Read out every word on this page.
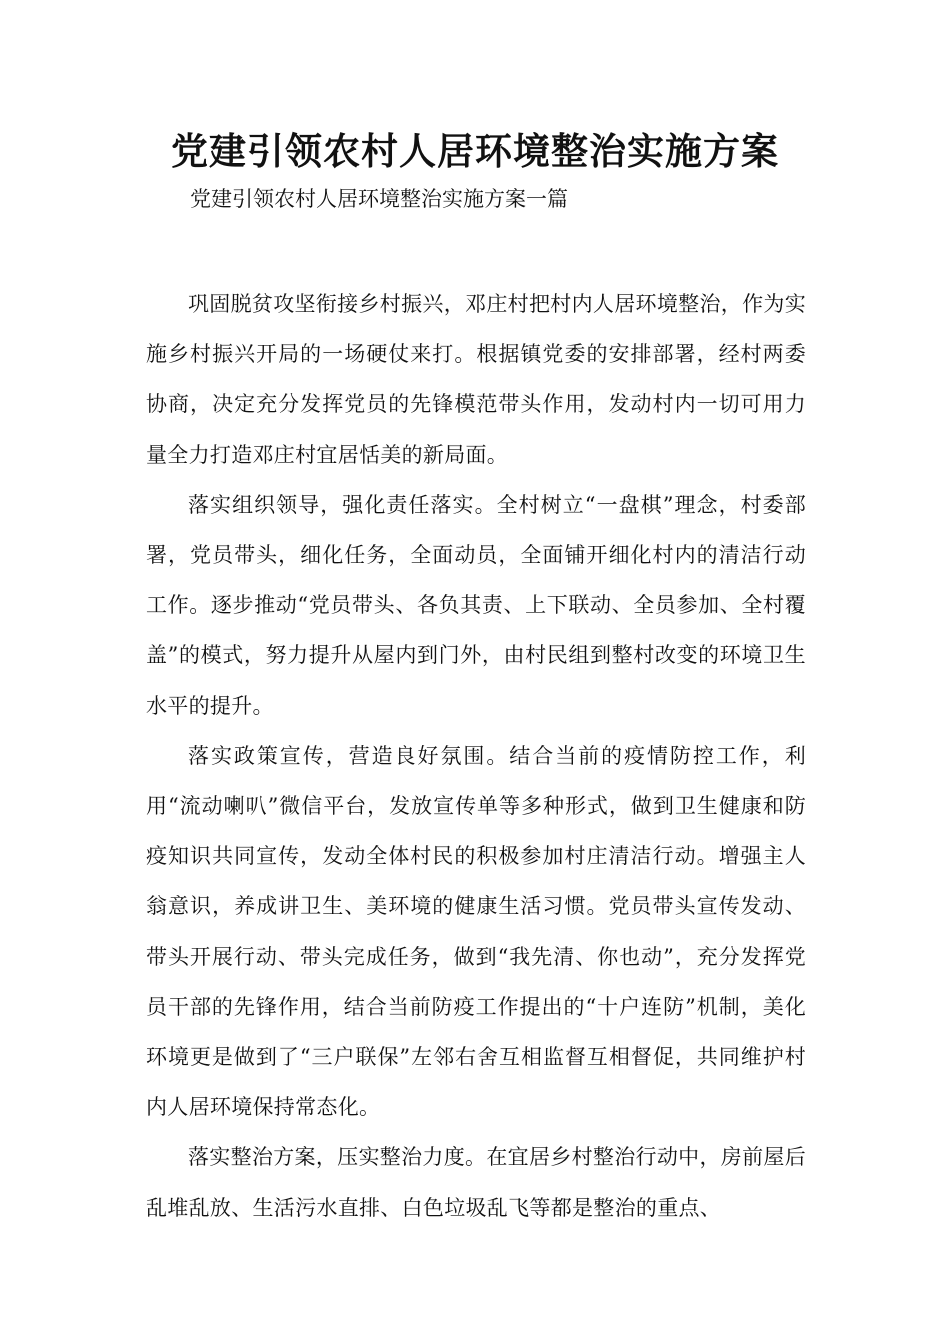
党建引领农村人居环境整治实施方案

党建引领农村人居环境整治实施方案一篇

巩固脱贫攻坚衔接乡村振兴，邓庄村把村内人居环境整治，作为实施乡村振兴开局的一场硬仗来打。根据镇党委的安排部署，经村两委协商，决定充分发挥党员的先锋模范带头作用，发动村内一切可用力量全力打造邓庄村宜居恬美的新局面。

落实组织领导，强化责任落实。全村树立“一盘棋”理念，村委部署，党员带头，细化任务，全面动员，全面铺开细化村内的清洁行动工作。逐步推动“党员带头、各负其责、上下联动、全员参加、全村覆盖”的模式，努力提升从屋内到门外，由村民组到整村改变的环境卫生水平的提升。

落实政策宣传，营造良好氛围。结合当前的疫情防控工作，利用“流动喇叭”微信平台，发放宣传单等多种形式，做到卫生健康和防疫知识共同宣传，发动全体村民的积极参加村庄清洁行动。增强主人翁意识，养成讲卫生、美环境的健康生活习惯。党员带头宣传发动、带头开展行动、带头完成任务，做到“我先清、你也动”，充分发挥党员干部的先锋作用，结合当前防疫工作提出的“十户连防”机制，美化环境更是做到了“三户联保”左邻右舍互相监督互相督促，共同维护村内人居环境保持常态化。

落实整治方案，压实整治力度。在宜居乡村整治行动中，房前屋后乱堆乱放、生活污水直排、白色垃圾乱飞等都是整治的重点、
